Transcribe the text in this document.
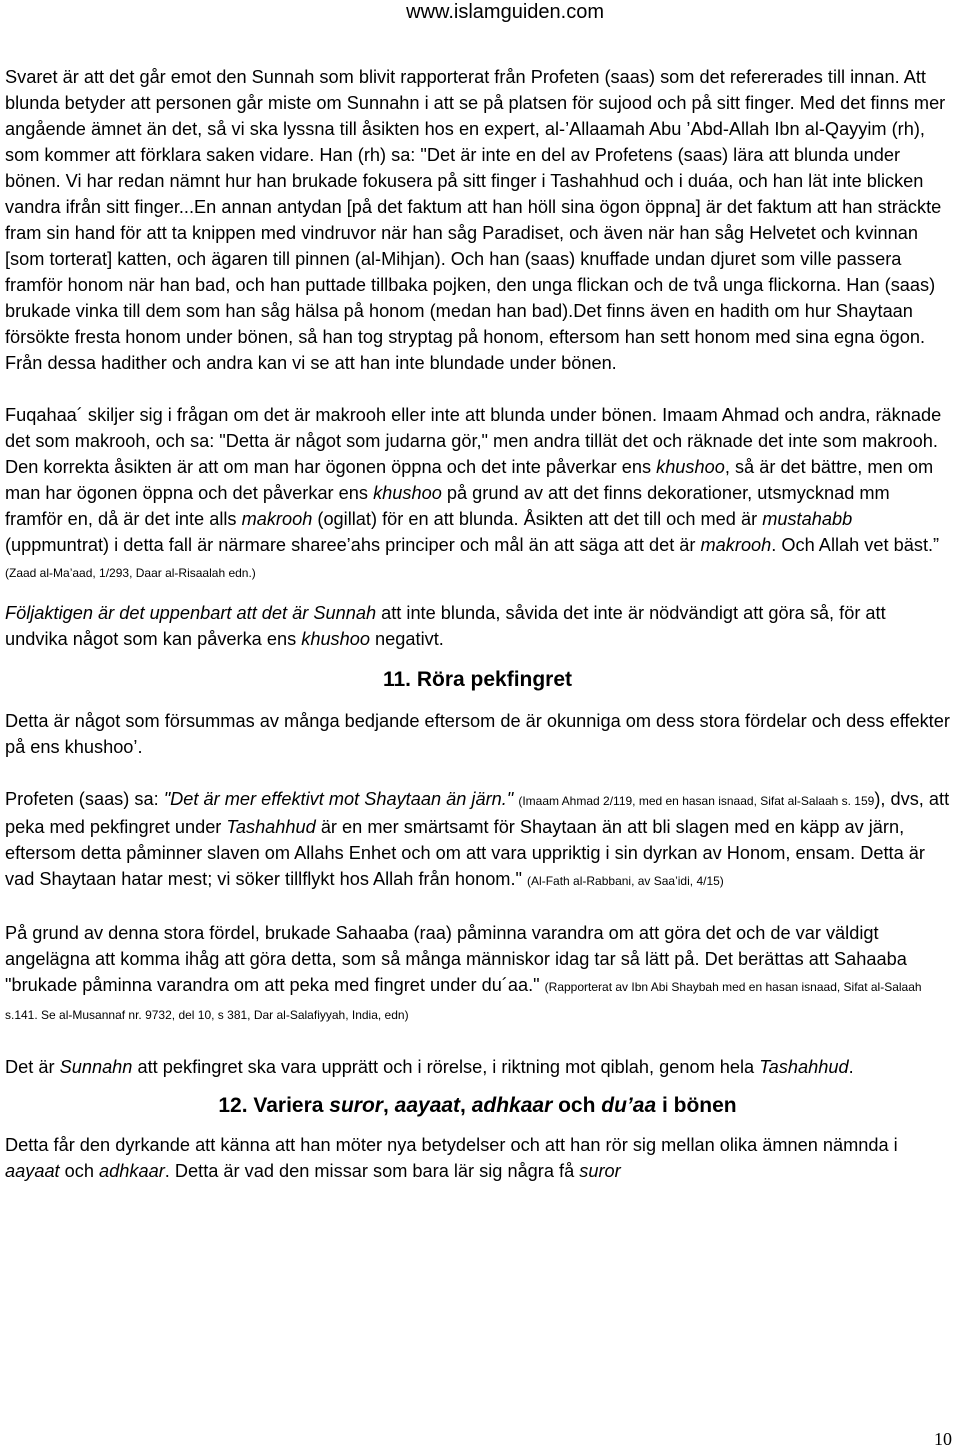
www.islamguiden.com

Svaret är att det går emot den Sunnah som blivit rapporterat från Profeten (saas) som det refererades till innan. Att blunda betyder att personen går miste om Sunnahn i att se på platsen för sujood och på sitt finger. Med det finns mer angående ämnet än det, så vi ska lyssna till åsikten hos en expert, al-’Allaamah Abu ’Abd-Allah Ibn al-Qayyim (rh), som kommer att förklara saken vidare. Han (rh) sa: "Det är inte en del av Profetens (saas) lära att blunda under bönen. Vi har redan nämnt hur han brukade fokusera på sitt finger i Tashahhud och i duáa, och han lät inte blicken vandra ifrån sitt finger...En annan antydan [på det faktum att han höll sina ögon öppna] är det faktum att han sträckte fram sin hand för att ta knippen med vindruvor när han såg Paradiset, och även när han såg Helvetet och kvinnan [som torterat] katten, och ägaren till pinnen (al-Mihjan). Och han (saas) knuffade undan djuret som ville passera framför honom när han bad, och han puttade tillbaka pojken, den unga flickan och de två unga flickorna. Han (saas) brukade vinka till dem som han såg hälsa på honom (medan han bad).Det finns även en hadith om hur Shaytaan försökte fresta honom under bönen, så han tog stryptag på honom, eftersom han sett honom med sina egna ögon. Från dessa hadither och andra kan vi se att han inte blundade under bönen.

Fuqahaa´ skiljer sig i frågan om det är makrooh eller inte att blunda under bönen. Imaam Ahmad och andra, räknade det som makrooh, och sa: "Detta är något som judarna gör," men andra tillät det och räknade det inte som makrooh. Den korrekta åsikten är att om man har ögonen öppna och det inte påverkar ens khushoo, så är det bättre, men om man har ögonen öppna och det påverkar ens khushoo på grund av att det finns dekorationer, utsmycknad mm framför en, då är det inte alls makrooh (ogillat) för en att blunda. Åsikten att det till och med är mustahabb (uppmuntrat) i detta fall är närmare sharee’ahs principer och mål än att säga att det är makrooh. Och Allah vet bäst.” (Zaad al-Ma’aad, 1/293, Daar al-Risaalah edn.)

Följaktigen är det uppenbart att det är Sunnah att inte blunda, såvida det inte är nödvändigt att göra så, för att undvika något som kan påverka ens khushoo negativt.

11. Röra pekfingret

Detta är något som försummas av många bedjande eftersom de är okunniga om dess stora fördelar och dess effekter på ens khushoo’.

Profeten (saas) sa: "Det är mer effektivt mot Shaytaan än järn." (Imaam Ahmad 2/119, med en hasan isnaad, Sifat al-Salaah s. 159), dvs, att peka med pekfingret under Tashahhud är en mer smärtsamt för Shaytaan än att bli slagen med en käpp av järn, eftersom detta påminner slaven om Allahs Enhet och om att vara uppriktig i sin dyrkan av Honom, ensam. Detta är vad Shaytaan hatar mest; vi söker tillflykt hos Allah från honom." (Al-Fath al-Rabbani, av Saa’idi, 4/15)

På grund av denna stora fördel, brukade Sahaaba (raa) påminna varandra om att göra det och de var väldigt angelägna att komma ihåg att göra detta, som så många människor idag tar så lätt på. Det berättas att Sahaaba "brukade påminna varandra om att peka med fingret under du´aa." (Rapporterat av Ibn Abi Shaybah med en hasan isnaad, Sifat al-Salaah s.141. Se al-Musannaf nr. 9732, del 10, s 381, Dar al-Salafiyyah, India, edn)

Det är Sunnahn att pekfingret ska vara upprätt och i rörelse, i riktning mot qiblah, genom hela Tashahhud.

12. Variera suror, aayaat, adhkaar och du’aa i bönen

Detta får den dyrkande att känna att han möter nya betydelser och att han rör sig mellan olika ämnen nämnda i aayaat och adhkaar. Detta är vad den missar som bara lär sig några få suror

10
